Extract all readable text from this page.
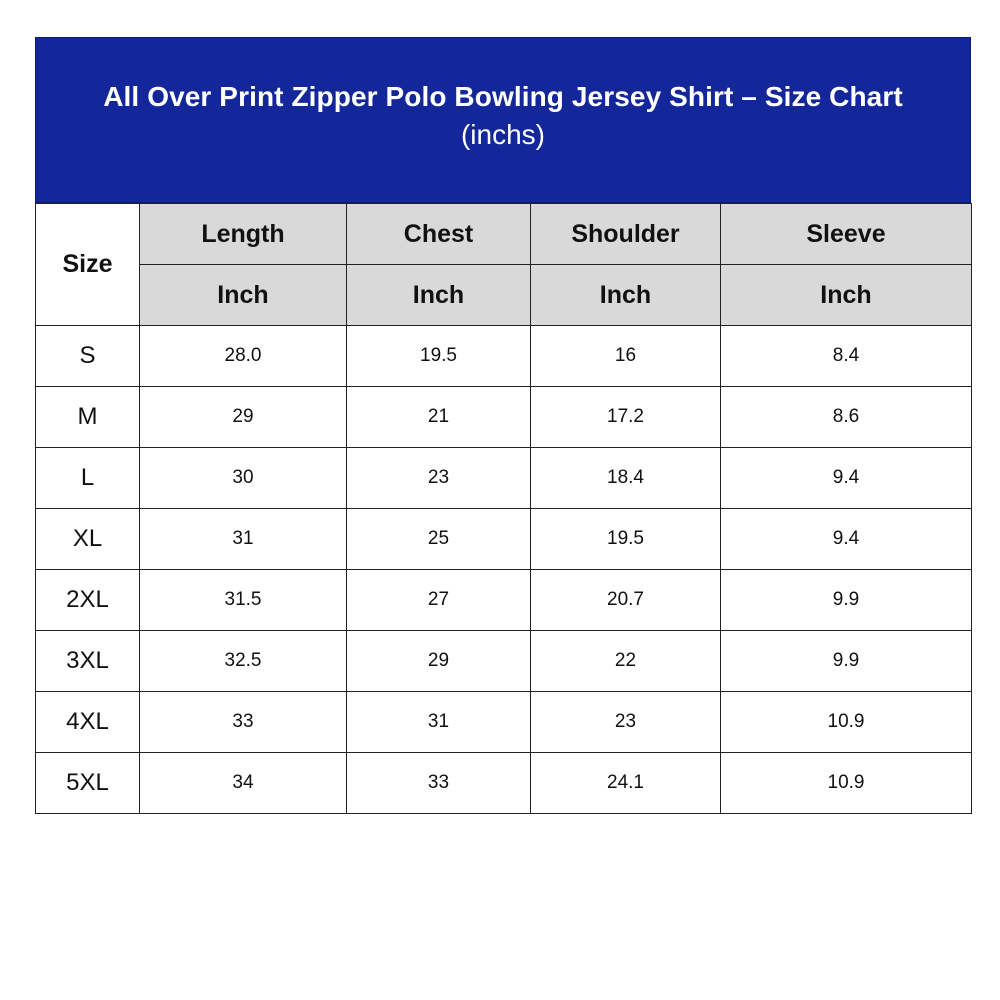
All Over Print Zipper Polo Bowling Jersey Shirt – Size Chart
(inchs)
Size	Length	Chest	Shoulder	Sleeve
	Inch	Inch	Inch	Inch
S	28.0	19.5	16	8.4
M	29	21	17.2	8.6
L	30	23	18.4	9.4
XL	31	25	19.5	9.4
2XL	31.5	27	20.7	9.9
3XL	32.5	29	22	9.9
4XL	33	31	23	10.9
5XL	34	33	24.1	10.9
